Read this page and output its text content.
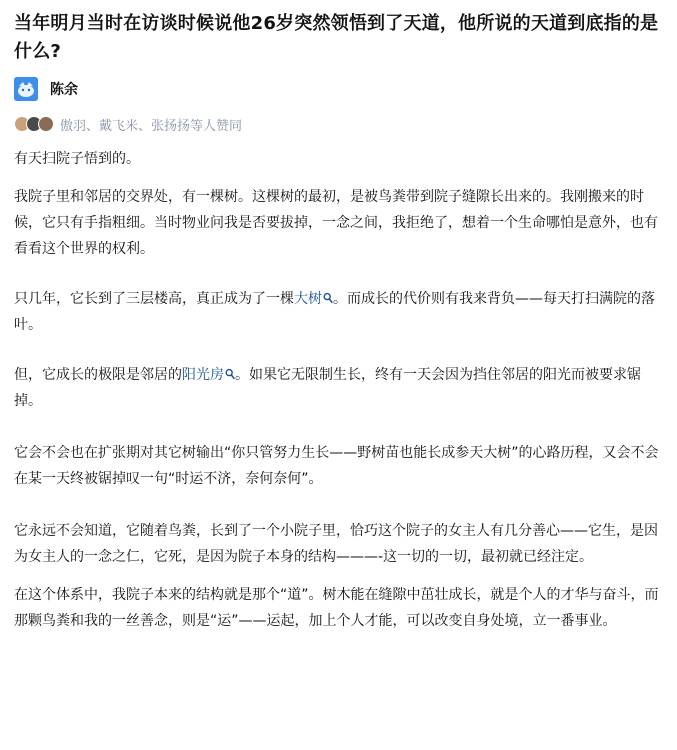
当年明月当时在访谈时候说他26岁突然领悟到了天道，他所说的天道到底指的是什么?
陈余
傲羽、戴飞米、张扬扬等人赞同

有天扫院子悟到的。

我院子里和邻居的交界处，有一棵树。这棵树的最初，是被鸟粪带到院子缝隙长出来的。我刚搬来的时候，它只有手指粗细。当时物业问我是否要拔掉，一念之间，我拒绝了，想着一个生命哪怕是意外，也有看看这个世界的权利。

只几年，它长到了三层楼高，真正成为了一棵大树 。而成长的代价则有我来背负——每天打扫满院的落叶。

但，它成长的极限是邻居的阳光房 。如果它无限制生长，终有一天会因为挡住邻居的阳光而被要求锯掉。

它会不会也在扩张期对其它树输出“你只管努力生长——野树苗也能长成参天大树”的心路历程，又会不会在某一天终被锯掉叹一句“时运不济，奈何奈何”。

它永远不会知道，它随着鸟粪，长到了一个小院子里，恰巧这个院子的女主人有几分善心——它生，是因为女主人的一念之仁，它死，是因为院子本身的结构———-这一切的一切，最初就已经注定。

在这个体系中，我院子本来的结构就是那个“道”。树木能在缝隙中茁壮成长，就是个人的才华与奋斗，而那颗鸟粪和我的一丝善念，则是“运”——运起，加上个人才能，可以改变自身处境，立一番事业。
